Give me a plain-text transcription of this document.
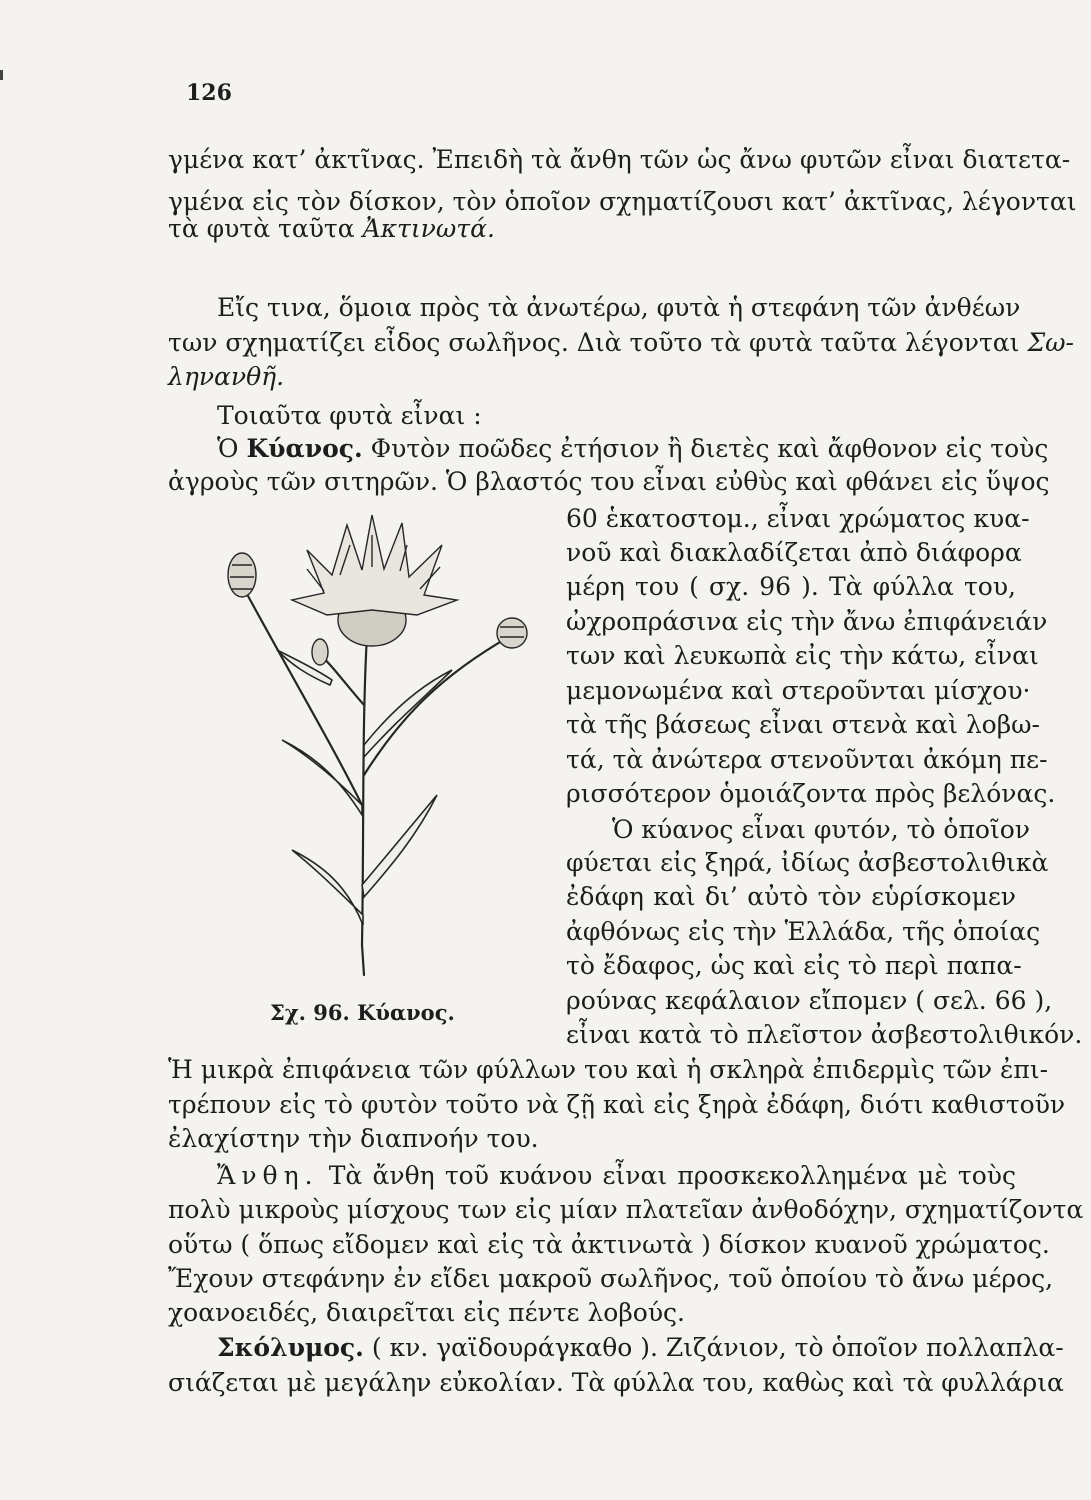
126
γμένα κατ’ ἀκτῖνας. Ἐπειδὴ τὰ ἄνθη τῶν ὡς ἄνω φυτῶν εἶναι διατετα-
γμένα εἰς τὸν δίσκον, τὸν ὁποῖον σχηματίζουσι κατ’ ἀκτῖνας, λέγονται
τὰ φυτὰ ταῦτα Ἀκτινωτά.
Εἴς τινα, ὅμοια πρὸς τὰ ἀνωτέρω, φυτὰ ἡ στεφάνη τῶν ἀνθέων
των σχηματίζει εἶδος σωλῆνος. Διὰ τοῦτο τὰ φυτὰ ταῦτα λέγονται Σω-
ληνανθῆ.
Τοιαῦτα φυτὰ εἶναι :
Ὁ Κύανος. Φυτὸν ποῶδες ἐτήσιον ἢ διετὲς καὶ ἄφθονον εἰς τοὺς
ἀγροὺς τῶν σιτηρῶν. Ὁ βλαστός του εἶναι εὐθὺς καὶ φθάνει εἰς ὕψος
60 ἑκατοστομ., εἶναι χρώματος κυα-
νοῦ καὶ διακλαδίζεται ἀπὸ διάφορα
μέρη του ( σχ. 96 ). Τὰ φύλλα του,
ὠχροπράσινα εἰς τὴν ἄνω ἐπιφάνειάν
των καὶ λευκωπὰ εἰς τὴν κάτω, εἶναι
μεμονωμένα καὶ στεροῦνται μίσχου·
τὰ τῆς βάσεως εἶναι στενὰ καὶ λοβω-
τά, τὰ ἀνώτερα στενοῦνται ἀκόμη πε-
ρισσότερον ὁμοιάζοντα πρὸς βελόνας.
Ὁ κύανος εἶναι φυτόν, τὸ ὁποῖον
φύεται εἰς ξηρά, ἰδίως ἀσβεστολιθικὰ
ἐδάφη καὶ δι’ αὐτὸ τὸν εὑρίσκομεν
ἀφθόνως εἰς τὴν Ἑλλάδα, τῆς ὁποίας
τὸ ἔδαφος, ὡς καὶ εἰς τὸ περὶ παπα-
ρούνας κεφάλαιον εἴπομεν ( σελ. 66 ),
εἶναι κατὰ τὸ πλεῖστον ἀσβεστολιθικόν.
Ἡ μικρὰ ἐπιφάνεια τῶν φύλλων του καὶ ἡ σκληρὰ ἐπιδερμὶς τῶν ἐπι-
τρέπουν εἰς τὸ φυτὸν τοῦτο νὰ ζῇ καὶ εἰς ξηρὰ ἐδάφη, διότι καθιστοῦν
ἐλαχίστην τὴν διαπνοήν του.
Ἄνθη. Τὰ ἄνθη τοῦ κυάνου εἶναι προσκεκολλημένα μὲ τοὺς
πολὺ μικροὺς μίσχους των εἰς μίαν πλατεῖαν ἀνθοδόχην, σχηματίζοντα
οὕτω ( ὅπως εἴδομεν καὶ εἰς τὰ ἀκτινωτὰ ) δίσκον κυανοῦ χρώματος.
Ἔχουν στεφάνην ἐν εἴδει μακροῦ σωλῆνος, τοῦ ὁποίου τὸ ἄνω μέρος,
χοανοειδές, διαιρεῖται εἰς πέντε λοβούς.
Σκόλυμος. ( κν. γαϊδουράγκαθο ). Ζιζάνιον, τὸ ὁποῖον πολλαπλα-
σιάζεται μὲ μεγάλην εὐκολίαν. Τὰ φύλλα του, καθὼς καὶ τὰ φυλλάρια
Σχ. 96. Κύανος.
